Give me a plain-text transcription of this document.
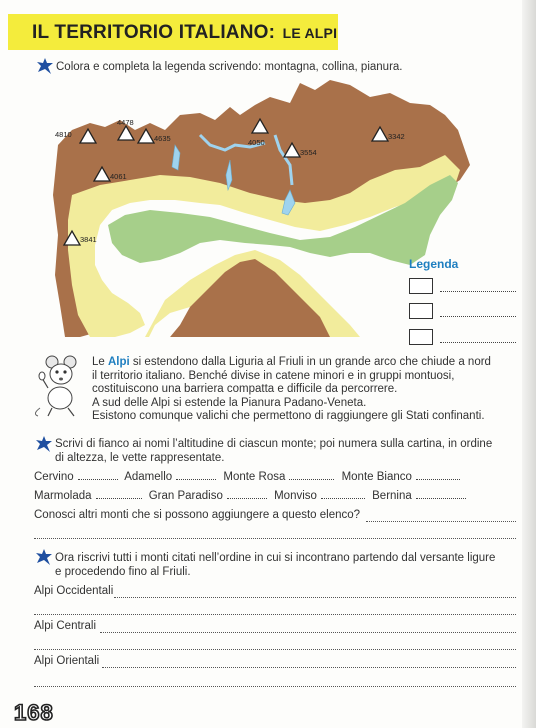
IL TERRITORIO ITALIANO: LE ALPI
Colora e completa la legenda scrivendo: montagna, collina, pianura.
4810
4478
4635
4061
3841
4050
3554
3342
Legenda
Le Alpi si estendono dalla Liguria al Friuli in un grande arco che chiude a nord
il territorio italiano. Benché divise in catene minori e in gruppi montuosi,
costituiscono una barriera compatta e difficile da percorrere.
A sud delle Alpi si estende la Pianura Padano-Veneta.
Esistono comunque valichi che permettono di raggiungere gli Stati confinanti.
Scrivi di fianco ai nomi l’altitudine di ciascun monte; poi numera sulla cartina, in ordine
di altezza, le vette rappresentate.
Cervino	Adamello	Monte Rosa	Monte Bianco
Marmolada	Gran Paradiso	Monviso	Bernina
Conosci altri monti che si possono aggiungere a questo elenco?
Ora riscrivi tutti i monti citati nell’ordine in cui si incontrano partendo dal versante ligure
e procedendo fino al Friuli.
Alpi Occidentali
Alpi Centrali
Alpi Orientali
168
